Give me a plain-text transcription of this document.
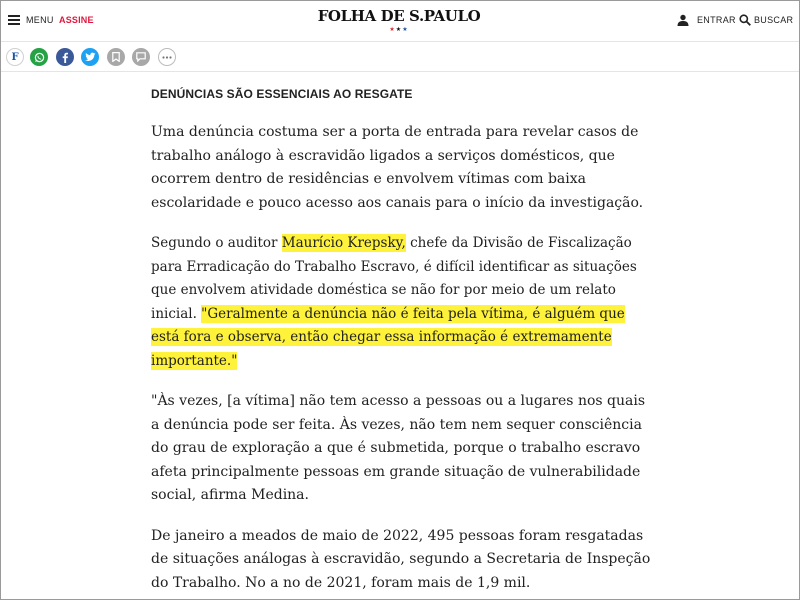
MENU ASSINE	FOLHA DE S.PAULO
★★★
ENTRAR BUSCAR
F
DENÚNCIAS SÃO ESSENCIAIS AO RESGATE

Uma denúncia costuma ser a porta de entrada para revelar casos de trabalho análogo à escravidão ligados a serviços domésticos, que ocorrem dentro de residências e envolvem vítimas com baixa escolaridade e pouco acesso aos canais para o início da investigação.

Segundo o auditor Maurício Krepsky, chefe da Divisão de Fiscalização para Erradicação do Trabalho Escravo, é difícil identificar as situações que envolvem atividade doméstica se não for por meio de um relato inicial. "Geralmente a denúncia não é feita pela vítima, é alguém que está fora e observa, então chegar essa informação é extremamente importante."

"Às vezes, [a vítima] não tem acesso a pessoas ou a lugares nos quais a denúncia pode ser feita. Às vezes, não tem nem sequer consciência do grau de exploração a que é submetida, porque o trabalho escravo afeta principalmente pessoas em grande situação de vulnerabilidade social, afirma Medina.

De janeiro a meados de maio de 2022, 495 pessoas foram resgatadas de situações análogas à escravidão, segundo a Secretaria de Inspeção do Trabalho. No a no de 2021, foram mais de 1,9 mil.
